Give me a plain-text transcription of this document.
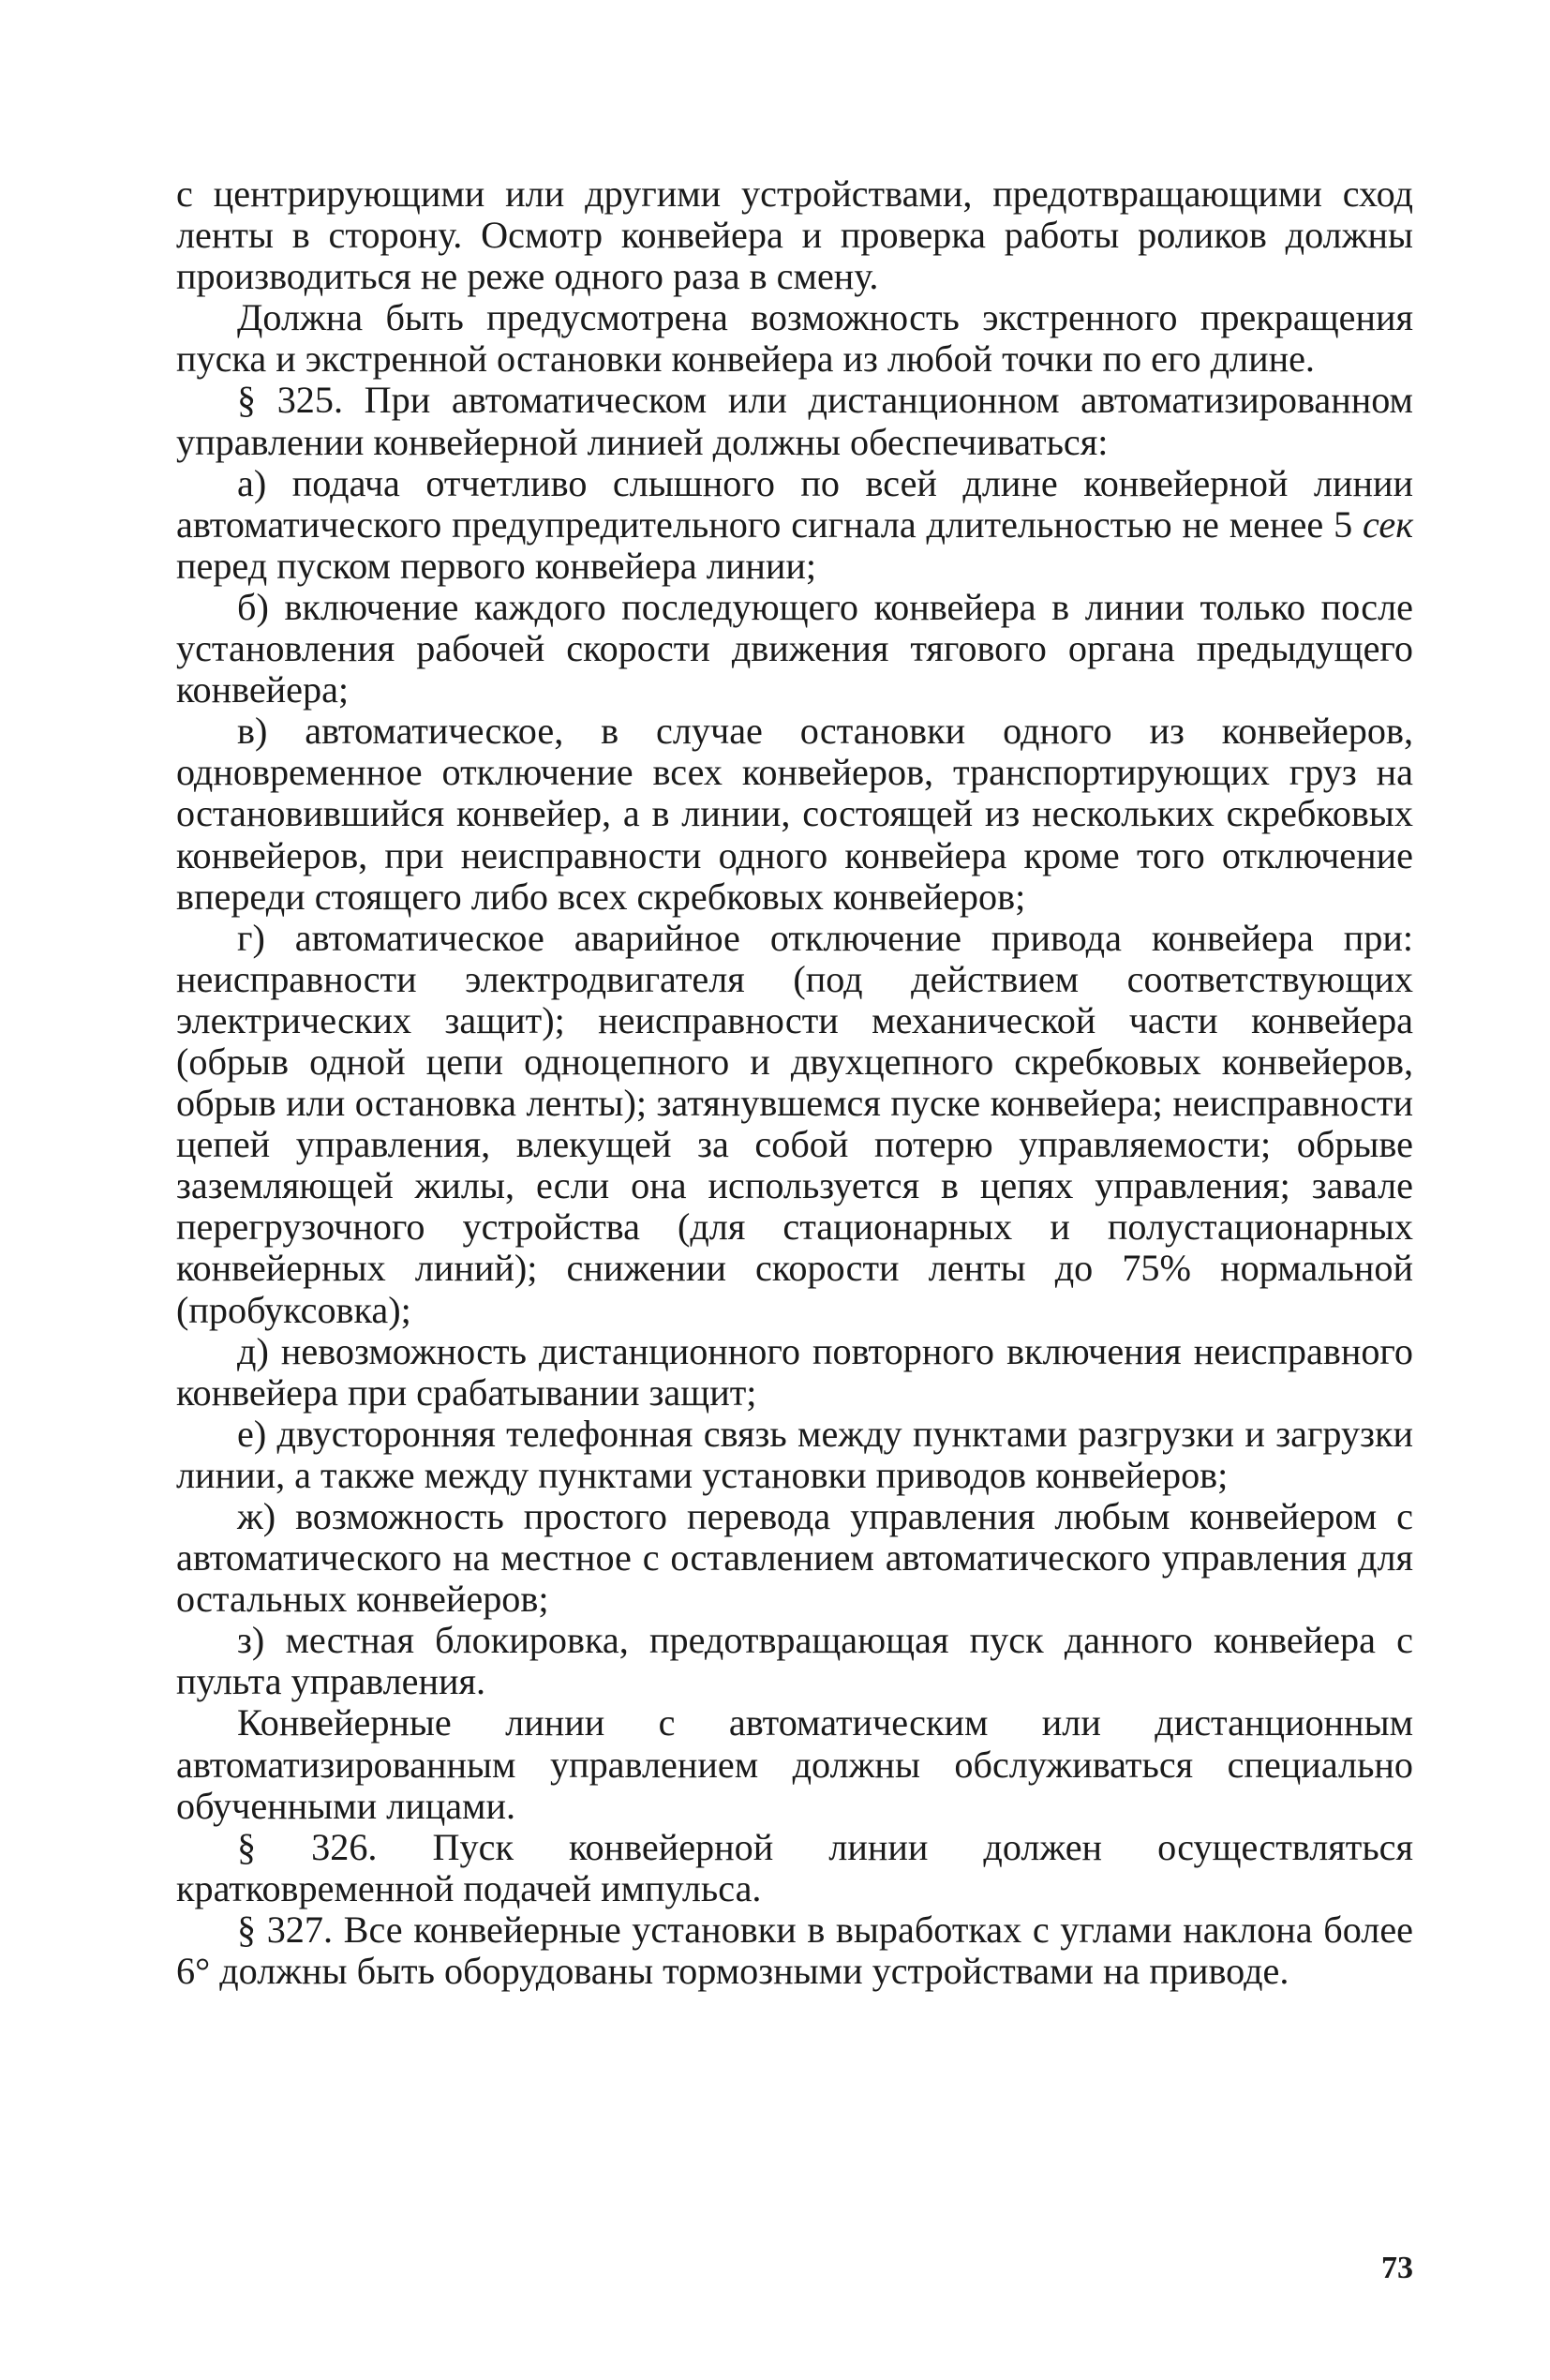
с центрирующими или другими устройствами, предотвращающими сход ленты в сторону. Осмотр конвейера и проверка работы роликов должны производиться не реже одного раза в смену.

Должна быть предусмотрена возможность экстренного прекращения пуска и экстренной остановки конвейера из любой точки по его длине.

§ 325. При автоматическом или дистанционном автоматизированном управлении конвейерной линией должны обеспечиваться:

а) подача отчетливо слышного по всей длине конвейерной линии автоматического предупредительного сигнала длительностью не менее 5 сек перед пуском первого конвейера линии;

б) включение каждого последующего конвейера в линии только после установления рабочей скорости движения тягового органа предыдущего конвейера;

в) автоматическое, в случае остановки одного из конвейеров, одновременное отключение всех конвейеров, транспортирующих груз на остановившийся конвейер, а в линии, состоящей из нескольких скребковых конвейеров, при неисправности одного конвейера кроме того отключение впереди стоящего либо всех скребковых конвейеров;

г) автоматическое аварийное отключение привода конвейера при: неисправности электродвигателя (под действием соответствующих электрических защит); неисправности механической части конвейера (обрыв одной цепи одноцепного и двухцепного скребковых конвейеров, обрыв или остановка ленты); затянувшемся пуске конвейера; неисправности цепей управления, влекущей за собой потерю управляемости; обрыве заземляющей жилы, если она используется в цепях управления; завале перегрузочного устройства (для стационарных и полустационарных конвейерных линий); снижении скорости ленты до 75% нормальной (пробуксовка);

д) невозможность дистанционного повторного включения неисправного конвейера при срабатывании защит;

е) двусторонняя телефонная связь между пунктами разгрузки и загрузки линии, а также между пунктами установки приводов конвейеров;

ж) возможность простого перевода управления любым конвейером с автоматического на местное с оставлением автоматического управления для остальных конвейеров;

з) местная блокировка, предотвращающая пуск данного конвейера с пульта управления.

Конвейерные линии с автоматическим или дистанционным автоматизированным управлением должны обслуживаться специально обученными лицами.

§ 326. Пуск конвейерной линии должен осуществляться кратковременной подачей импульса.

§ 327. Все конвейерные установки в выработках с углами наклона более 6° должны быть оборудованы тормозными устройствами на приводе.

73
